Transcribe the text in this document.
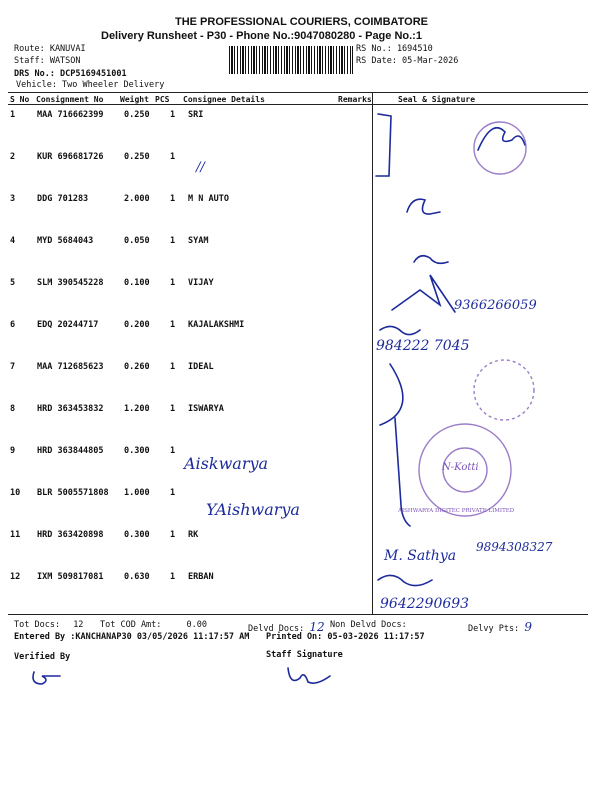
THE PROFESSIONAL COURIERS, COIMBATORE
Delivery Runsheet - P30 - Phone No.:9047080280 - Page No.:1
Route: KANUVAI
Staff: WATSON
DRS No.: DCP5169451001
Vehicle: Two Wheeler Delivery
RS No.: 1694510
RS Date: 05-Mar-2026
S No Consignment No Weight PCS Consignee Details	Remarks	Seal & Signature
1	MAA 716662399 0.250 1 SRI
2	KUR 696681726 0.250 1
3	DDG 701283	2.000 1 M N AUTO
4	MYD 5684043	0.050 1 SYAM
5	SLM 390545228 0.100 1 VIJAY
6	EDQ 20244717	0.200 1 KAJALAKSHMI
7	MAA 712685623 0.260 1 IDEAL
8	HRD 363453832 1.200 1 ISWARYA
9	HRD 363844805 0.300 1
10 BLR 5005571808 1.000 1
11 HRD 363420898 0.300 1 RK
12 IXM 509817081 0.630 1 ERBAN
//
Aiskwarya
YAishwarya
9366266059
984222 7045
M. Sathya
9894308327
9642290693
N-Kotti
AISHWARYA DIGITEC PRIVATE LIMITED
Tot Docs: 12 Tot COD Amt:	0.00	Delvd Docs: 12 Non Delvd Docs:	Delvy Pts: 9
Entered By :KANCHANAP30 03/05/2026 11:17:57 AM Printed On: 05-03-2026 11:17:57
Verified By	Staff Signature
